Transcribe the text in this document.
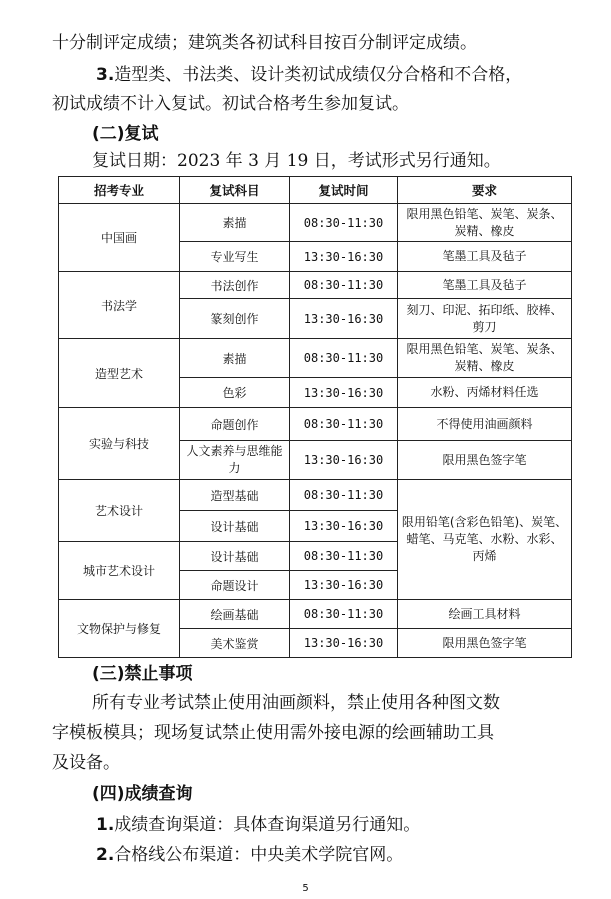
十分制评定成绩；建筑类各初试科目按百分制评定成绩。
3.造型类、书法类、设计类初试成绩仅分合格和不合格，
初试成绩不计入复试。初试合格考生参加复试。
(二)复试
复试日期：2023 年 3 月 19 日，考试形式另行通知。
招考专业	复试科目	复试时间	要求
中国画	素描	08:30-11:30	限用黑色铅笔、炭笔、炭条、炭精、橡皮
	专业写生	13:30-16:30	笔墨工具及毡子
书法学	书法创作	08:30-11:30	笔墨工具及毡子
	篆刻创作	13:30-16:30	刻刀、印泥、拓印纸、胶棒、剪刀
造型艺术	素描	08:30-11:30	限用黑色铅笔、炭笔、炭条、炭精、橡皮
	色彩	13:30-16:30	水粉、丙烯材料任选
实验与科技	命题创作	08:30-11:30	不得使用油画颜料
	人文素养与思维能力	13:30-16:30	限用黑色签字笔
艺术设计	造型基础	08:30-11:30	限用铅笔(含彩色铅笔)、炭笔、蜡笔、马克笔、水粉、水彩、丙烯
	设计基础	13:30-16:30	
城市艺术设计	设计基础	08:30-11:30	
	命题设计	13:30-16:30	
文物保护与修复	绘画基础	08:30-11:30	绘画工具材料
	美术鉴赏	13:30-16:30	限用黑色签字笔
(三)禁止事项
所有专业考试禁止使用油画颜料，禁止使用各种图文数
字模板模具；现场复试禁止使用需外接电源的绘画辅助工具
及设备。
(四)成绩查询
1.成绩查询渠道：具体查询渠道另行通知。
2.合格线公布渠道：中央美术学院官网。
5
